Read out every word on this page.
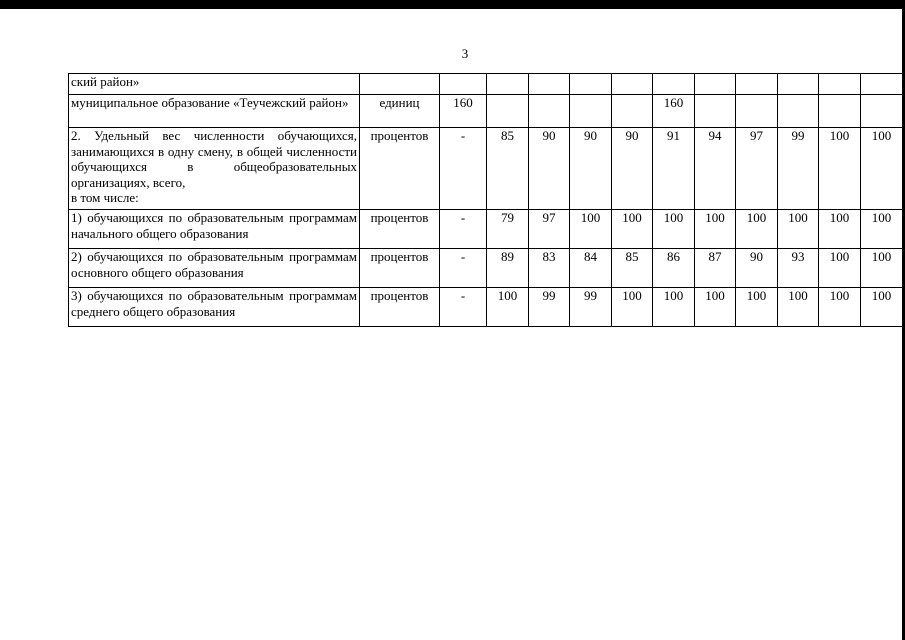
3
ский район»												
муниципальное образование «Теучежский район»	единиц	160					160					
2. Удельный вес численности обучающихся, занимающихся в одну смену, в общей численности обучающихся в общеобразовательных организациях, всего,
в том числе:	процентов	-	85	90	90	90	91	94	97	99	100	100
1) обучающихся по образовательным программам начального общего образования	процентов	-	79	97	100	100	100	100	100	100	100	100
2) обучающихся по образовательным программам основного общего образования	процентов	-	89	83	84	85	86	87	90	93	100	100
3) обучающихся по образовательным программам среднего общего образования	процентов	-	100	99	99	100	100	100	100	100	100	100
